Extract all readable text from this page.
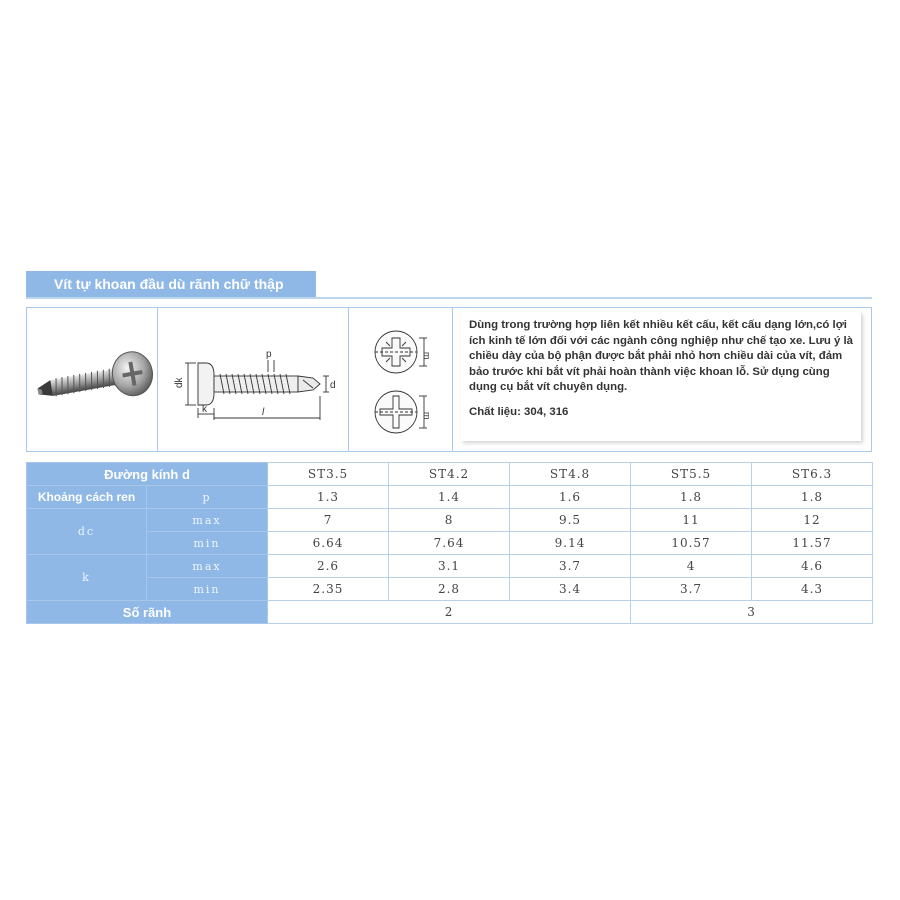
Vít tự khoan đầu dù rãnh chữ thập
p
dk
k	l
d
m
m

Dùng trong trường hợp liên kết nhiều kết cấu, kết cấu dạng lớn,có lợi ích kinh tế lớn đối với các ngành công nghiệp như chế tạo xe. Lưu ý là chiều dày của bộ phận được bắt phải nhỏ hơn chiều dài của vít, đảm bảo trước khi bắt vít phải hoàn thành việc khoan lỗ. Sử dụng cùng dụng cụ bắt vít chuyên dụng.

Chất liệu: 304, 316

Đường kính d		ST3.5	ST4.2	ST4.8	ST5.5	ST6.3
Khoảng cách ren	p	1.3	1.4	1.6	1.8	1.8
dc	max	7	8	9.5	11	12
	min	6.64	7.64	9.14	10.57	11.57
k	max	2.6	3.1	3.7	4	4.6
	min	2.35	2.8	3.4	3.7	4.3
Số rãnh		2			3	
